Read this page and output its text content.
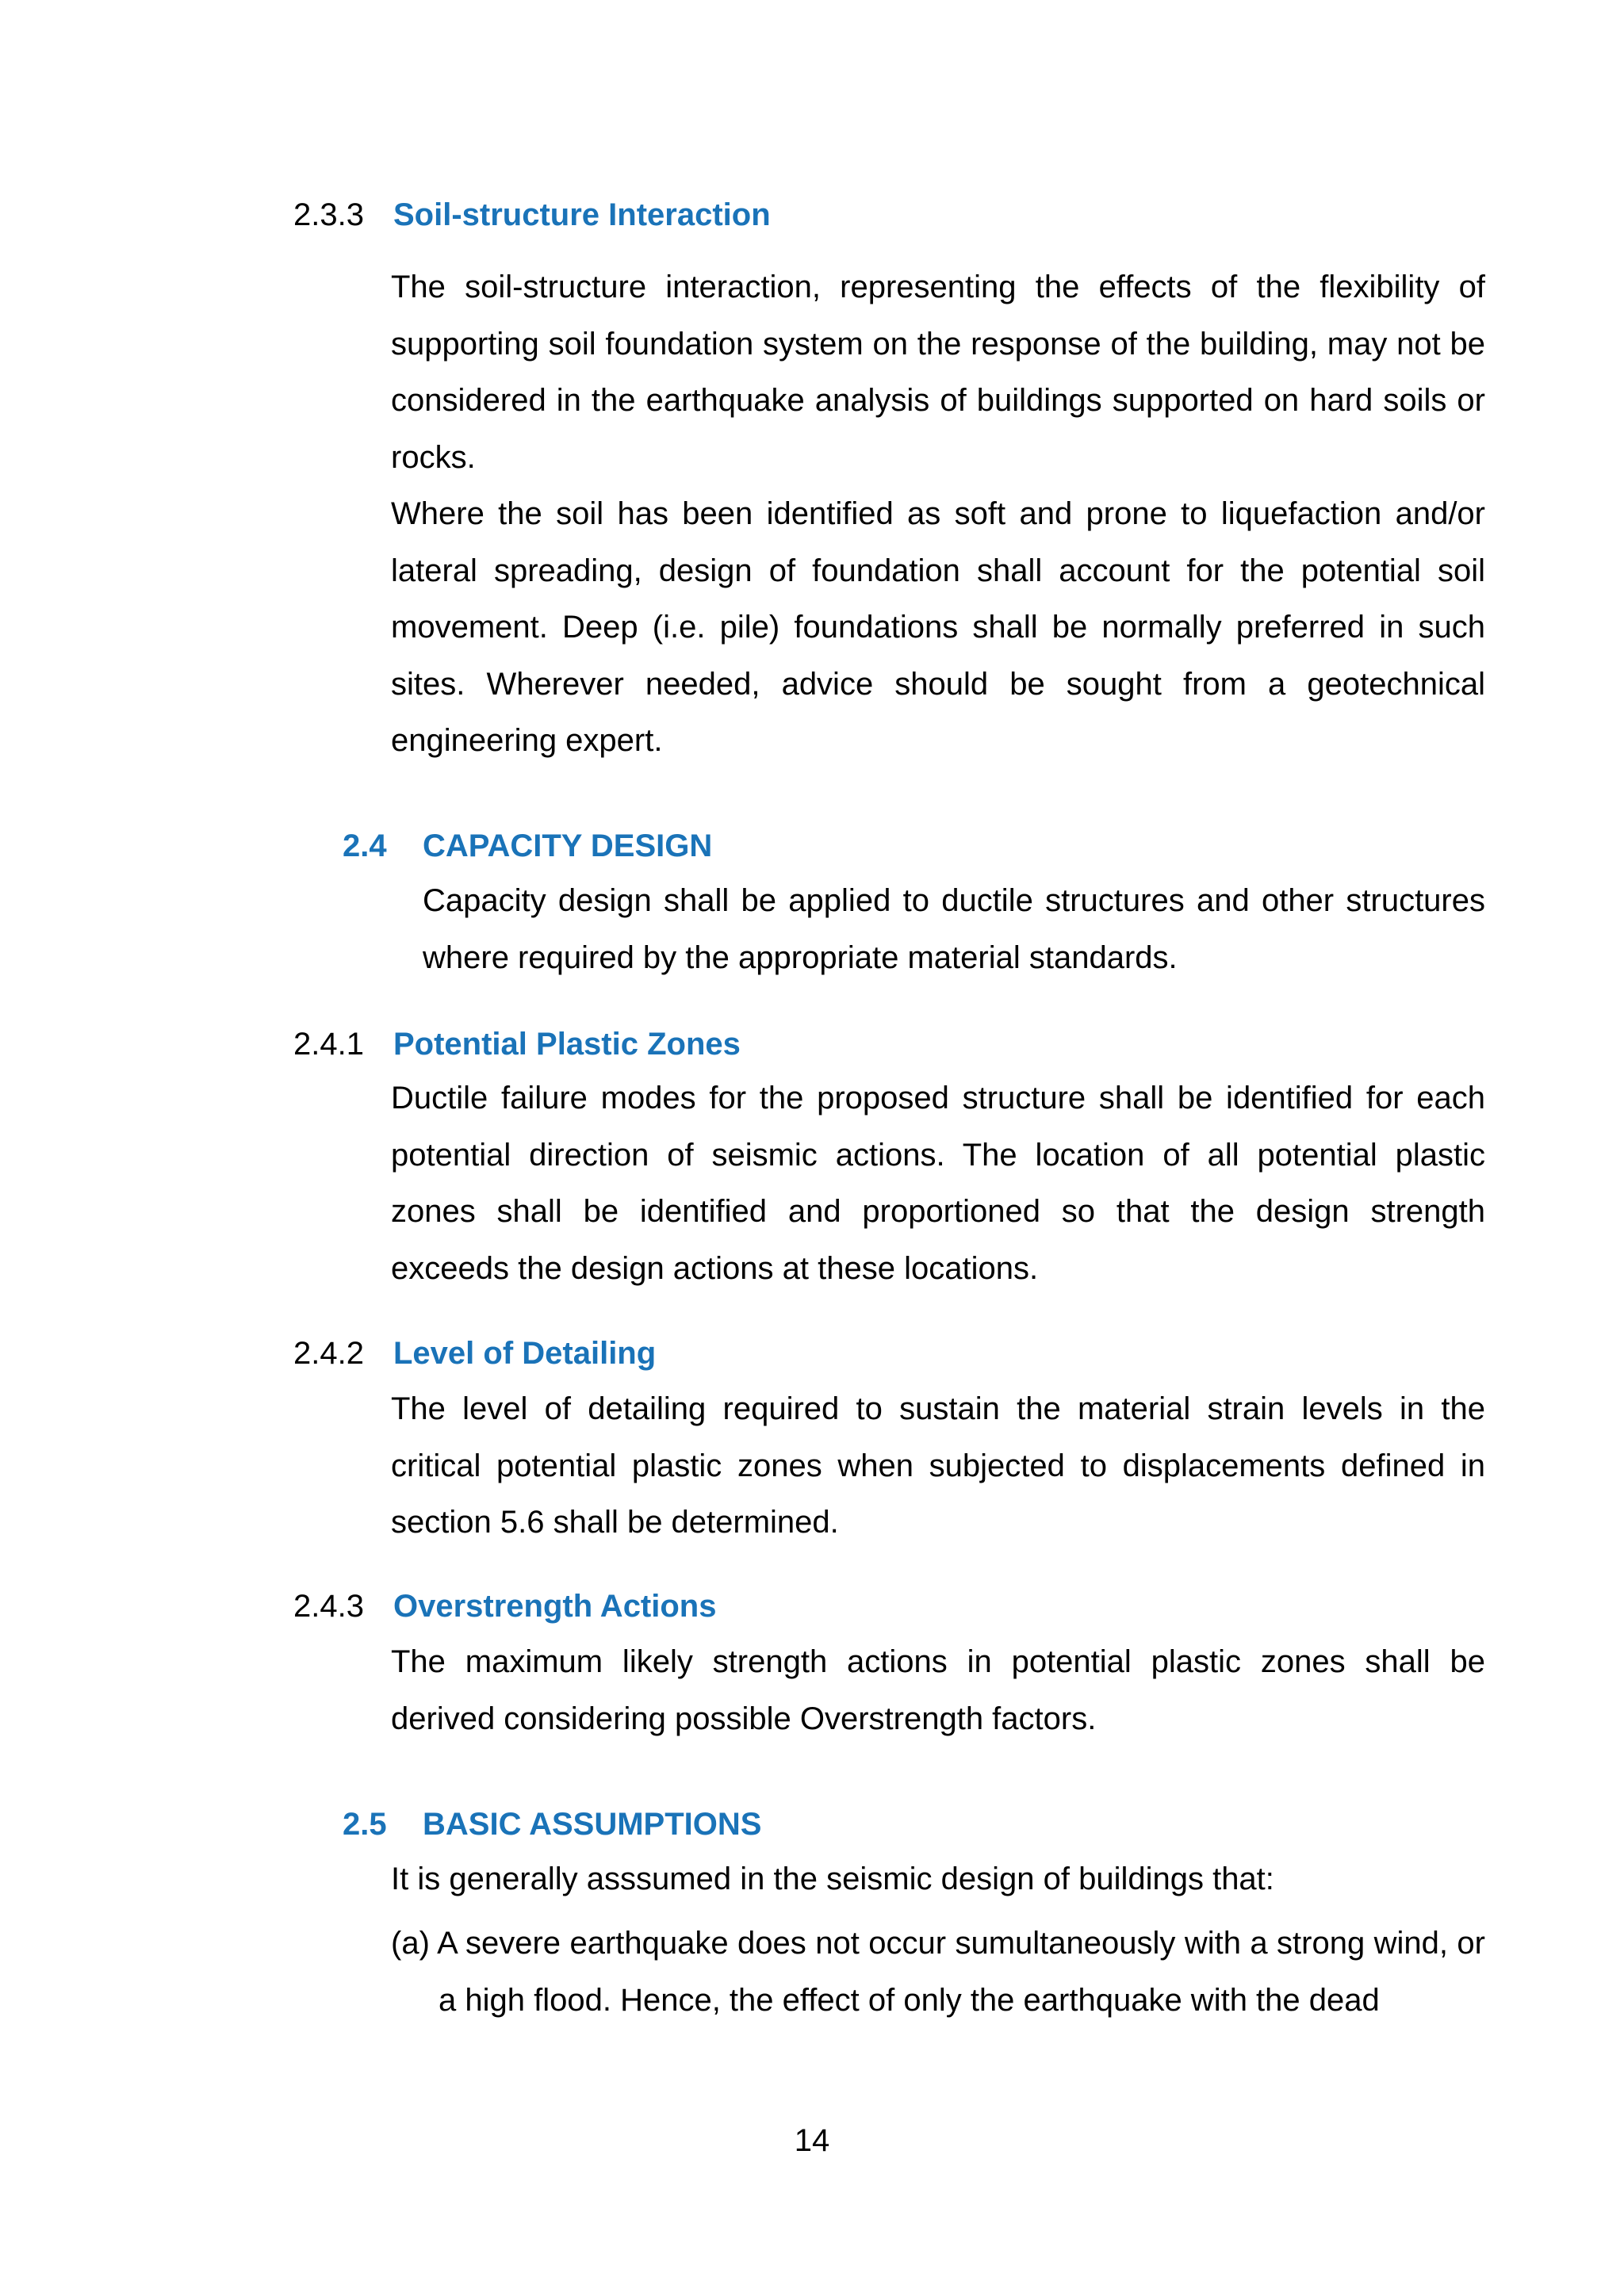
2.3.3 Soil-structure Interaction

The soil-structure interaction, representing the effects of the flexibility of supporting soil foundation system on the response of the building, may not be considered in the earthquake analysis of buildings supported on hard soils or rocks.

Where the soil has been identified as soft and prone to liquefaction and/or lateral spreading, design of foundation shall account for the potential soil movement. Deep (i.e. pile) foundations shall be normally preferred in such sites. Wherever needed, advice should be sought from a geotechnical engineering expert.

2.4 CAPACITY DESIGN

Capacity design shall be applied to ductile structures and other structures where required by the appropriate material standards.

2.4.1 Potential Plastic Zones

Ductile failure modes for the proposed structure shall be identified for each potential direction of seismic actions. The location of all potential plastic zones shall be identified and proportioned so that the design strength exceeds the design actions at these locations.

2.4.2 Level of Detailing

The level of detailing required to sustain the material strain levels in the critical potential plastic zones when subjected to displacements defined in section 5.6 shall be determined.

2.4.3 Overstrength Actions

The maximum likely strength actions in potential plastic zones shall be derived considering possible Overstrength factors.

2.5 BASIC ASSUMPTIONS

It is generally asssumed in the seismic design of buildings that:

(a) A severe earthquake does not occur sumultaneously with a strong wind, or a high flood. Hence, the effect of only the earthquake with the dead

14
